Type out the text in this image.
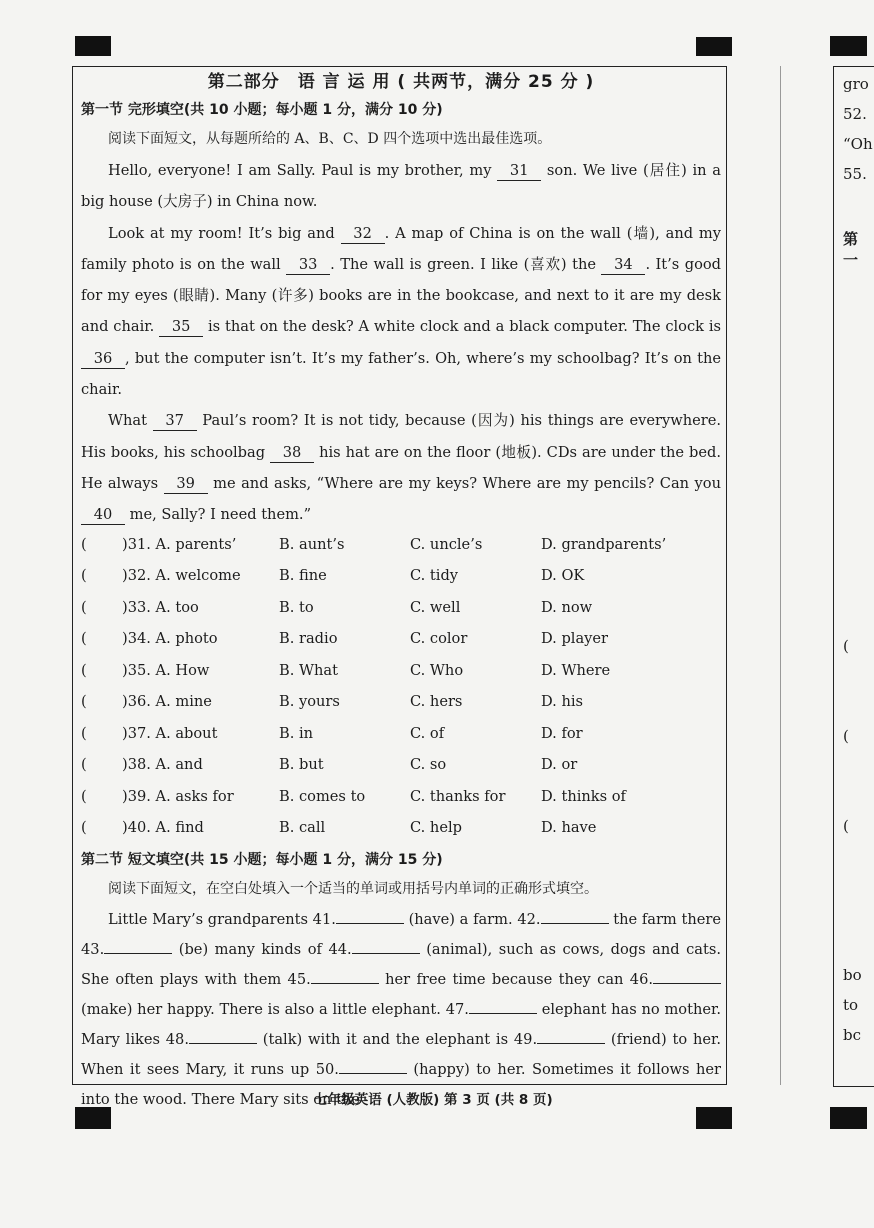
gro
52.
“Oh
55.
第一
(
(
(
bo
to
bc
第二部分　语 言 运 用 ( 共两节，满分 25 分 )
第一节 完形填空(共 10 小题；每小题 1 分，满分 10 分)
阅读下面短文，从每题所给的 A、B、C、D 四个选项中选出最佳选项。
Hello, everyone! I am Sally. Paul is my brother, my 31 son. We live (居住) in a big house (大房子) in China now.
Look at my room! It’s big and 32 . A map of China is on the wall (墙), and my family photo is on the wall 33 . The wall is green. I like (喜欢) the 34 . It’s good for my eyes (眼睛). Many (许多) books are in the bookcase, and next to it are my desk and chair. 35 is that on the desk? A white clock and a black computer. The clock is 36 , but the computer isn’t. It’s my father’s. Oh, where’s my schoolbag? It’s on the chair.
What 37 Paul’s room? It is not tidy, because (因为) his things are everywhere. His books, his schoolbag 38 his hat are on the floor (地板). CDs are under the bed. He always 39 me and asks, “Where are my keys? Where are my pencils? Can you 40 me, Sally? I need them.”
( )31. A. parents’	B. aunt’s	C. uncle’s	D. grandparents’
( )32. A. welcome	B. fine	C. tidy	D. OK
( )33. A. too	B. to	C. well	D. now
( )34. A. photo	B. radio	C. color	D. player
( )35. A. How	B. What	C. Who	D. Where
( )36. A. mine	B. yours	C. hers	D. his
( )37. A. about	B. in	C. of	D. for
( )38. A. and	B. but	C. so	D. or
( )39. A. asks for	B. comes to	C. thanks for D. thinks of
( )40. A. find	B. call	C. help	D. have
第二节 短文填空(共 15 小题；每小题 1 分，满分 15 分)
阅读下面短文，在空白处填入一个适当的单词或用括号内单词的正确形式填空。
Little Mary’s grandparents 41.	(have) a farm. 42.	the farm there 43.	(be) many kinds of 44.	(animal), such as cows, dogs and cats. She often plays with them 45.	her free time because they can 46. (make) her happy. There is also a little elephant. 47.	elephant has no mother. Mary likes 48.	(talk) with it and the elephant is 49.	(friend) to her. When it sees Mary, it runs up 50.	(happy) to her. Sometimes it follows her into the wood. There Mary sits on the
七年级英语 (人教版) 第 3 页 (共 8 页)
